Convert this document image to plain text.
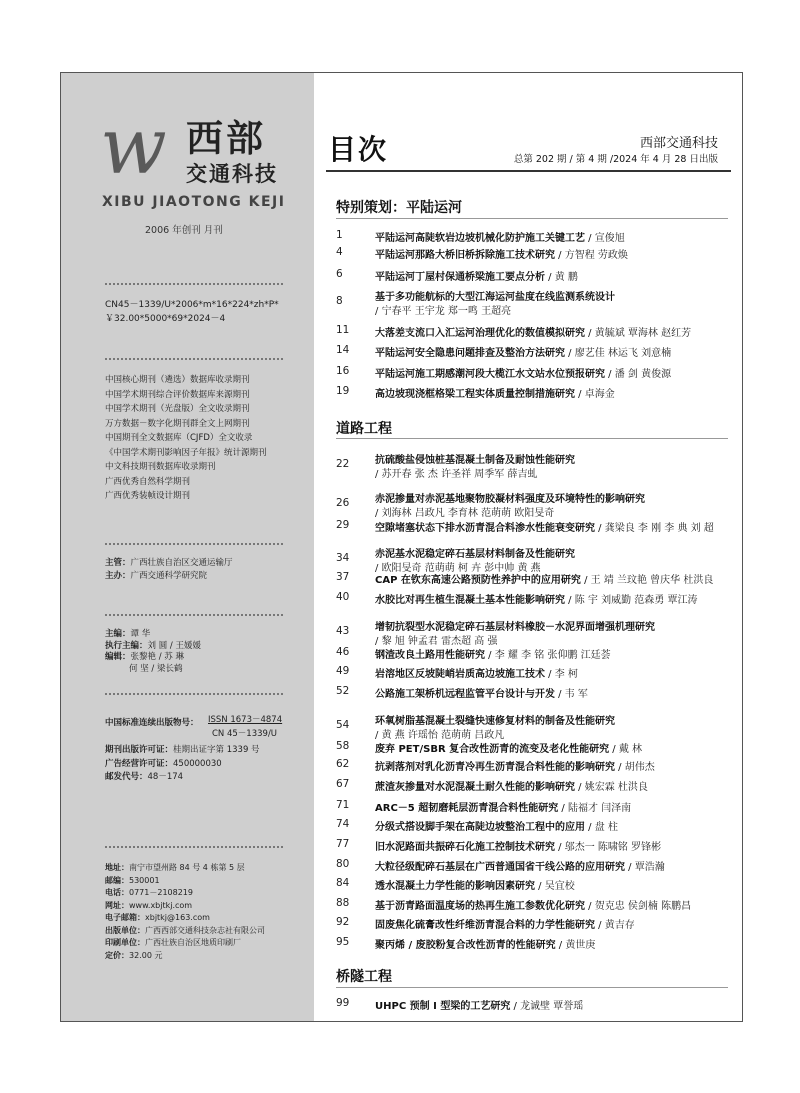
w 西部
交通科技
XIBU JIAOTONG KEJI
2006 年创刊 月刊
CN45－1339/U*2006*m*16*224*zh*P*
￥32.00*5000*69*2024－4
中国核心期刊（遴选）数据库收录期刊
中国学术期刊综合评价数据库来源期刊
中国学术期刊（光盘版）全文收录期刊
万方数据－数字化期刊群全文上网期刊
中国期刊全文数据库（CJFD）全文收录
《中国学术期刊影响因子年报》统计源期刊
中文科技期刊数据库收录期刊
广西优秀自然科学期刊
广西优秀装帧设计期刊
主管：广西壮族自治区交通运输厅
主办：广西交通科学研究院
主编：谭 华
执行主编：刘 圆 / 王媛媛
编辑：张黎艳 / 苏 琳
何 坚 / 梁长鹤
中国标准连续出版物号： ISSN 1673－4874
CN 45－1339/U
期刊出版许可证：桂期出证字第 1339 号
广告经营许可证：450000030
邮发代号：48－174
地址：南宁市望州路 84 号 4 栋第 5 层
邮编：530001
电话：0771－2108219
网址：www.xbjtkj.com
电子邮箱：xbjtkj@163.com
出版单位：广西西部交通科技杂志社有限公司
印刷单位：广西壮族自治区地质印刷厂
定价：32.00 元
目次	西部交通科技
总第 202 期 / 第 4 期 /2024 年 4 月 28 日出版
特别策划：平陆运河
1	平陆运河高陡软岩边坡机械化防护施工关键工艺 / 宣俊旭
4	平陆运河那路大桥旧桥拆除施工技术研究 / 方智程 劳政焕
6	平陆运河丁屋村保通桥梁施工要点分析 / 黄 鹏
8	基于多功能航标的大型江海运河盐度在线监测系统设计
/ 宁春平 王宇龙 郑一鸣 王超亮
11	大落差支流口入汇运河治理优化的数值模拟研究 / 黄毓斌 覃海林 赵红芳
14	平陆运河安全隐患问题排查及整治方法研究 / 廖艺佳 林运飞 刘意楠
16	平陆运河施工期感潮河段大榄江水文站水位预报研究 / 潘 剑 黄俊源
19	高边坡现浇框格梁工程实体质量控制措施研究 / 卓海金
道路工程
22	抗硫酸盐侵蚀桩基混凝土制备及耐蚀性能研究
/ 苏开春 张 杰 许圣祥 周季军 薛吉虬
26	赤泥掺量对赤泥基地聚物胶凝材料强度及环境特性的影响研究
/ 刘海林 吕政凡 李育林 范萌萌 欧阳旻奇
29	空隙堵塞状态下排水沥青混合料渗水性能衰变研究 / 龚梁良 李 刚 李 典 刘 超
34	赤泥基水泥稳定碎石基层材料制备及性能研究
/ 欧阳旻奇 范萌萌 柯 卉 彭中帅 黄 燕
37	CAP 在钦东高速公路预防性养护中的应用研究 / 王 靖 兰玟艳 曾庆华 杜洪良
40	水胶比对再生植生混凝土基本性能影响研究 / 陈 宇 刘威勤 范森勇 覃江涛
43	增韧抗裂型水泥稳定碎石基层材料橡胶－水泥界面增强机理研究
/ 黎 旭 钟孟君 雷杰超 高 强
46	钢渣改良土路用性能研究 / 李 耀 李 铭 张仰鹏 江廷荟
49	岩溶地区反坡陡峭岩质高边坡施工技术 / 李 柯
52	公路施工架桥机远程监管平台设计与开发 / 韦 军
54	环氧树脂基混凝土裂缝快速修复材料的制备及性能研究
/ 黄 燕 许瑶怡 范萌萌 吕政凡
58	废弃 PET/SBR 复合改性沥青的流变及老化性能研究 / 戴 林
62	抗剥落剂对乳化沥青冷再生沥青混合料性能的影响研究 / 胡伟杰
67	蔗渣灰掺量对水泥混凝土耐久性能的影响研究 / 姚宏霖 杜洪良
71	ARC－5 超韧磨耗层沥青混合料性能研究 / 陆福才 闫泽南
74	分级式搭设脚手架在高陡边坡整治工程中的应用 / 盘 柱
77	旧水泥路面共振碎石化施工控制技术研究 / 邬杰一 陈啸铭 罗锋彬
80	大粒径级配碎石基层在广西普通国省干线公路的应用研究 / 覃浩瀚
84	透水混凝土力学性能的影响因素研究 / 吴宜校
88	基于沥青路面温度场的热再生施工参数优化研究 / 贺克忠 侯剑楠 陈鹏昌
92	固废焦化硫膏改性纤维沥青混合料的力学性能研究 / 黄吉存
95	聚丙烯 / 废胶粉复合改性沥青的性能研究 / 黄世庚
桥隧工程
99	UHPC 预制 I 型梁的工艺研究 / 龙诚壁 覃誉瑶
